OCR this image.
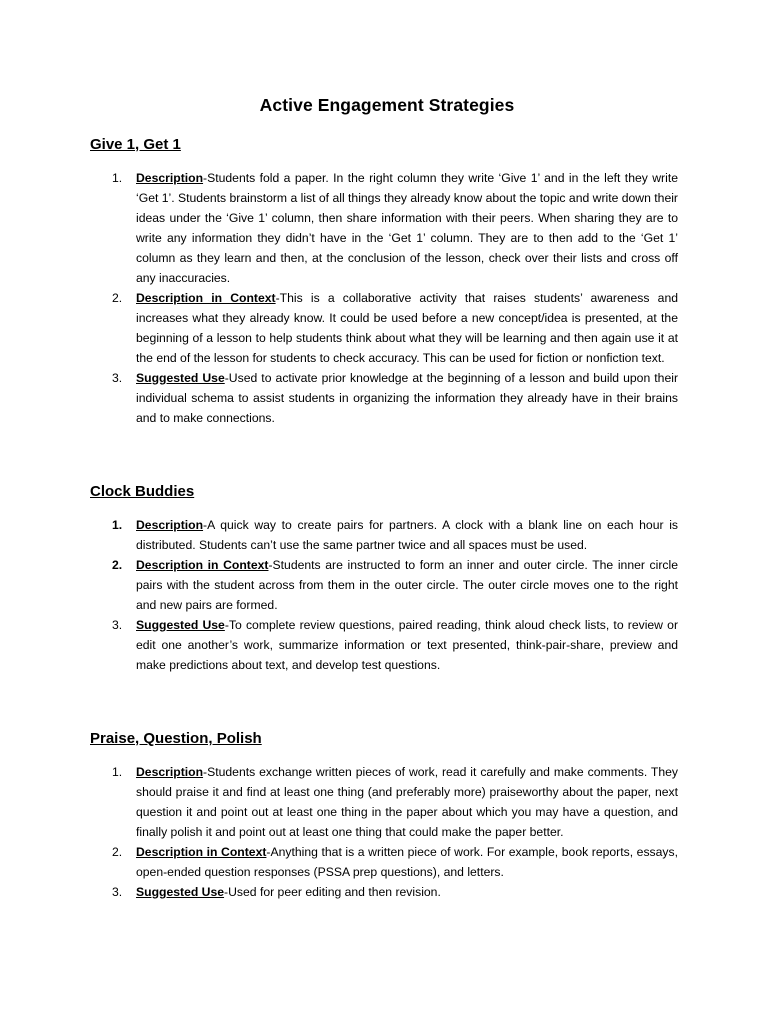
Active Engagement Strategies
Give 1, Get 1
1. Description-Students fold a paper. In the right column they write ‘Give 1’ and in the left they write ‘Get 1’. Students brainstorm a list of all things they already know about the topic and write down their ideas under the ‘Give 1’ column, then share information with their peers. When sharing they are to write any information they didn’t have in the ‘Get 1’ column. They are to then add to the ‘Get 1’ column as they learn and then, at the conclusion of the lesson, check over their lists and cross off any inaccuracies.
2. Description in Context-This is a collaborative activity that raises students’ awareness and increases what they already know. It could be used before a new concept/idea is presented, at the beginning of a lesson to help students think about what they will be learning and then again use it at the end of the lesson for students to check accuracy. This can be used for fiction or nonfiction text.
3. Suggested Use-Used to activate prior knowledge at the beginning of a lesson and build upon their individual schema to assist students in organizing the information they already have in their brains and to make connections.
Clock Buddies
1. Description-A quick way to create pairs for partners. A clock with a blank line on each hour is distributed. Students can’t use the same partner twice and all spaces must be used.
2. Description in Context-Students are instructed to form an inner and outer circle. The inner circle pairs with the student across from them in the outer circle. The outer circle moves one to the right and new pairs are formed.
3. Suggested Use-To complete review questions, paired reading, think aloud check lists, to review or edit one another’s work, summarize information or text presented, think-pair-share, preview and make predictions about text, and develop test questions.
Praise, Question, Polish
1. Description-Students exchange written pieces of work, read it carefully and make comments. They should praise it and find at least one thing (and preferably more) praiseworthy about the paper, next question it and point out at least one thing in the paper about which you may have a question, and finally polish it and point out at least one thing that could make the paper better.
2. Description in Context-Anything that is a written piece of work. For example, book reports, essays, open-ended question responses (PSSA prep questions), and letters.
3. Suggested Use-Used for peer editing and then revision.
